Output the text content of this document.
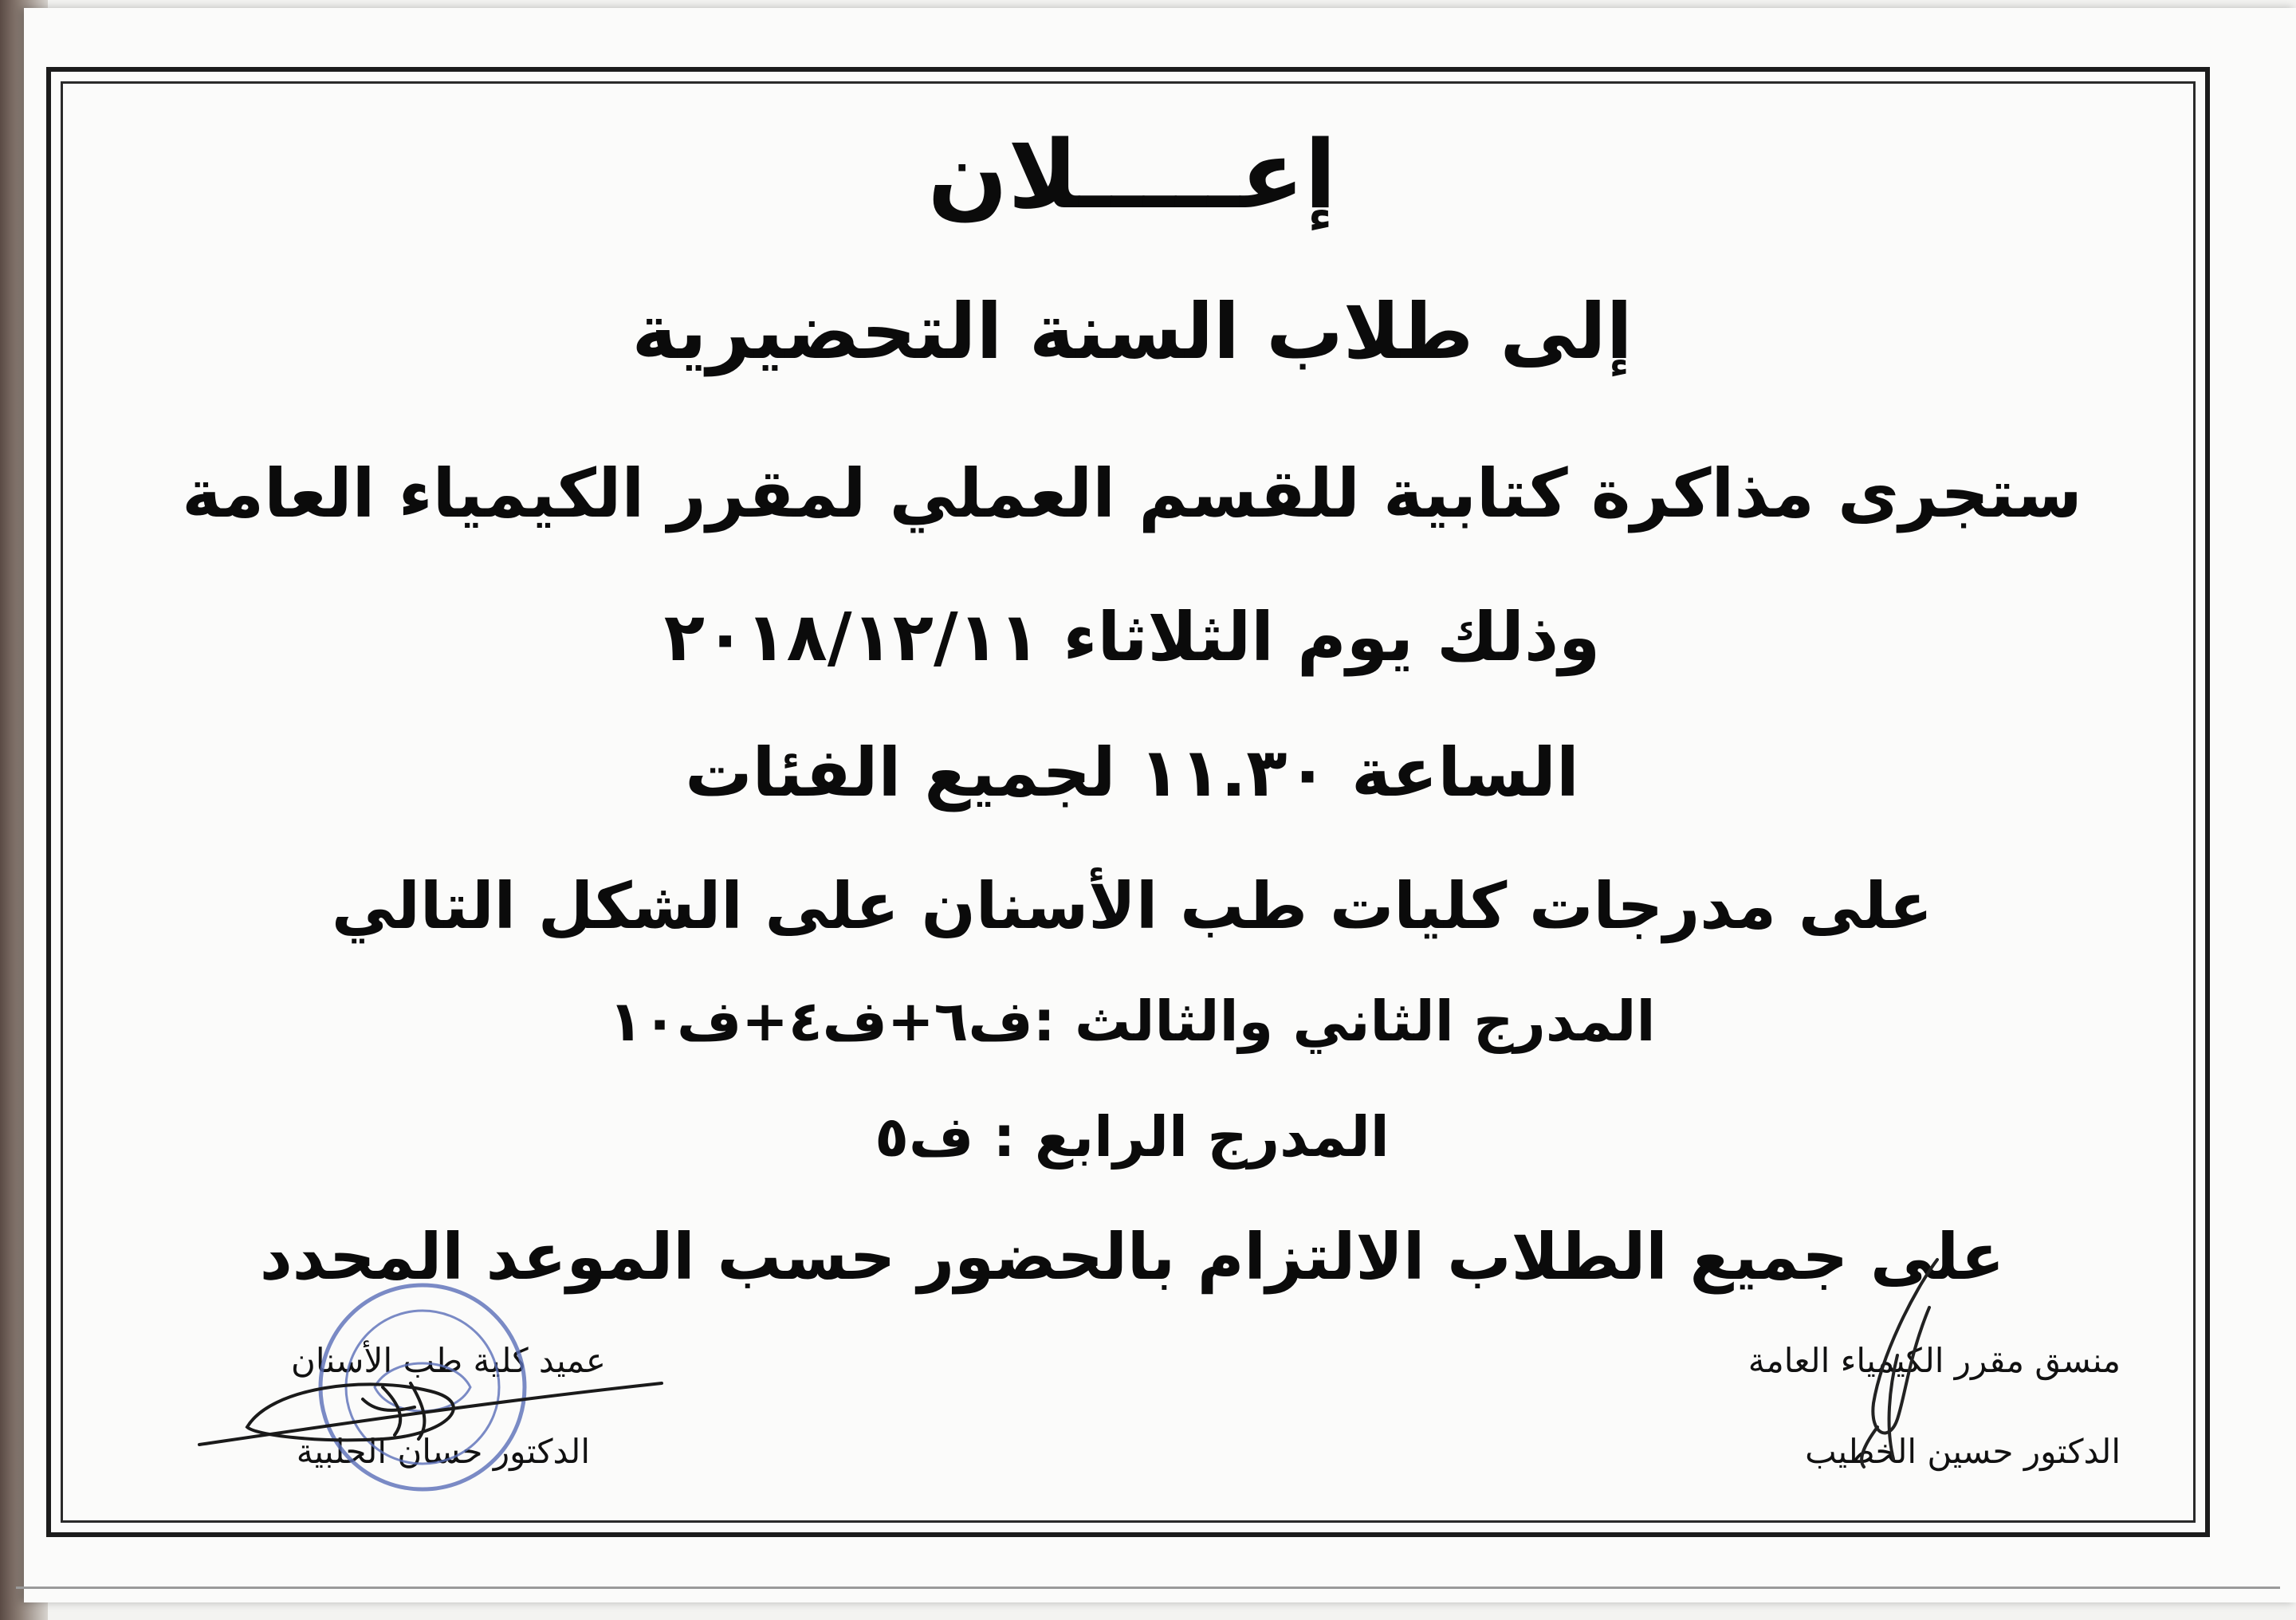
إعـــــلان
إلى طلاب السنة التحضيرية
ستجرى مذاكرة كتابية للقسم العملي لمقرر الكيمياء العامة
وذلك يوم الثلاثاء ٢٠١٨/١٢/١١
الساعة ١١.٣٠ لجميع الفئات
على مدرجات كليات طب الأسنان على الشكل التالي
المدرج الثاني والثالث :ف٦+ف٤+ف١٠
المدرج الرابع : ف٥
على جميع الطلاب الالتزام بالحضور حسب الموعد المحدد
منسق مقرر الكيمياء العامة
الدكتور حسين الخطيب
عميد كلية طب الأسنان
الدكتور حسان الحلبية
